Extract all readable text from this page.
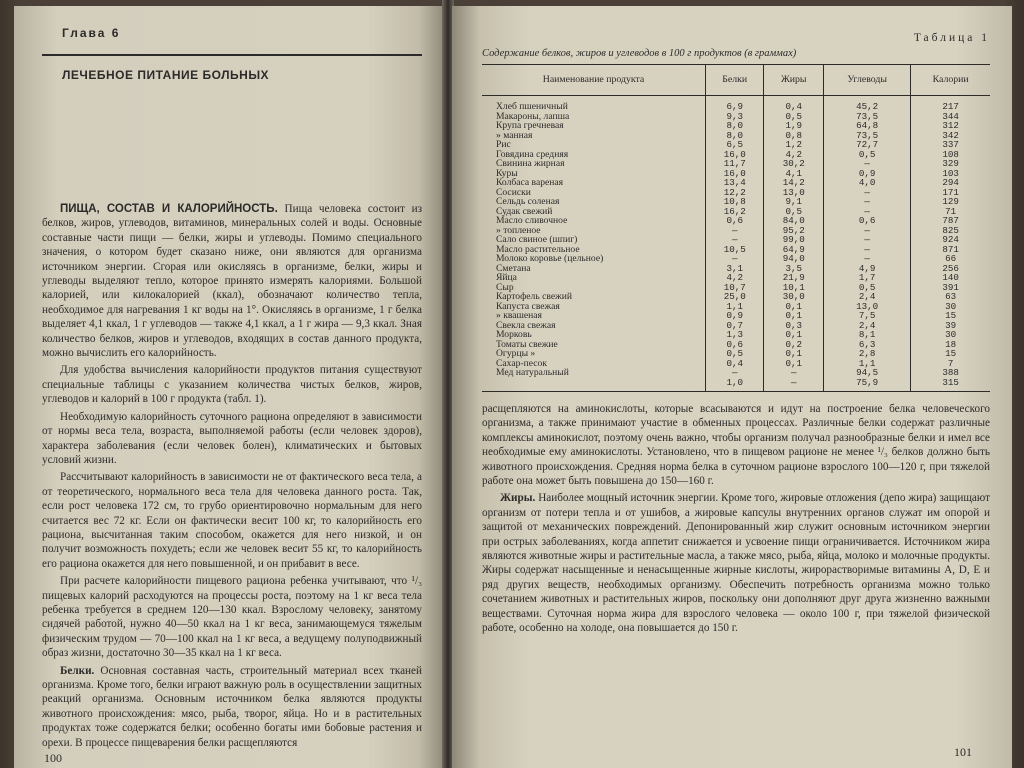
Глава 6
ЛЕЧЕБНОЕ ПИТАНИЕ БОЛЬНЫХ

ПИЩА, СОСТАВ И КАЛОРИЙНОСТЬ. Пища человека состоит из белков, жиров, углеводов, витаминов, минеральных солей и воды. Основные составные части пищи — белки, жиры и углеводы. Помимо специального значения, о котором будет сказано ниже, они являются для организма источником энергии. Сгорая или окисляясь в организме, белки, жиры и углеводы выделяют тепло, которое принято измерять калориями. Большой калорией, или килокалорией (ккал), обозначают количество тепла, необходимое для нагревания 1 кг воды на 1°. Окисляясь в организме, 1 г белка выделяет 4,1 ккал, 1 г углеводов — также 4,1 ккал, а 1 г жира — 9,3 ккал. Зная количество белков, жиров и углеводов, входящих в состав данного продукта, можно вычислить его калорийность.

Для удобства вычисления калорийности продуктов питания существуют специальные таблицы с указанием количества чистых белков, жиров, углеводов и калорий в 100 г продукта (табл. 1).

Необходимую калорийность суточного рациона определяют в зависимости от нормы веса тела, возраста, выполняемой работы (если человек здоров), характера заболевания (если человек болен), климатических и бытовых условий жизни.

Рассчитывают калорийность в зависимости не от фактического веса тела, а от теоретического, нормального веса тела для человека данного роста. Так, если рост человека 172 см, то грубо ориентировочно нормальным для него считается вес 72 кг. Если он фактически весит 100 кг, то калорийность его рациона, высчитанная таким способом, окажется для него низкой, и он получит возможность похудеть; если же человек весит 55 кг, то калорийность его рациона окажется для него повышенной, и он прибавит в весе.

При расчете калорийности пищевого рациона ребенка учитывают, что ¹/₃ пищевых калорий расходуются на процессы роста, поэтому на 1 кг веса тела ребенка требуется в среднем 120—130 ккал. Взрослому человеку, занятому сидячей работой, нужно 40—50 ккал на 1 кг веса, занимающемуся тяжелым физическим трудом — 70—100 ккал на 1 кг веса, а ведущему полуподвижный образ жизни, достаточно 30—35 ккал на 1 кг веса.

Белки. Основная составная часть, строительный материал всех тканей организма. Кроме того, белки играют важную роль в осуществлении защитных реакций организма. Основным источником белка являются продукты животного происхождения: мясо, рыба, творог, яйца. Но и в растительных продуктах тоже содержатся белки; особенно богаты ими бобовые растения и орехи. В процессе пищеварения белки расщепляются

100
Таблица 1
Содержание белков, жиров и углеводов в 100 г продуктов (в граммах)
Наименование продукта	Белки	Жиры	Углеводы	Калории
Хлеб пшеничный	6,9	0,4	45,2	217
Макароны, лапша	9,3	0,5	73,5	344
Крупа гречневая	8,0	1,9	64,8	312
» манная	8,0	0,8	73,5	342
Рис	6,5	1,2	72,7	337
Говядина средняя	16,0	4,2	0,5	108
Свинина жирная	11,7	30,2	—	329
Куры	16,0	4,1	0,9	103
Колбаса вареная	13,4	14,2	4,0	294
Сосиски	12,2	13,0	—	171
Сельдь соленая	10,8	9,1	—	129
Судак свежий	16,2	0,5	—	71
Масло сливочное	0,6	84,0	0,6	787
» топленое	—	95,2	—	825
Сало свиное (шпиг)	—	99,0	—	924
Масло растительное	10,5	64,9	—	871
Молоко коровье (цельное)	—	94,0	—	66
Сметана	3,1	3,5	4,9	256
Яйца	4,2	21,9	1,7	140
Сыр	10,7	10,1	0,5	391
Картофель свежий	25,0	30,0	2,4	63
Капуста свежая	1,1	0,1	13,0	30
» квашеная	0,9	0,1	7,5	15
Свекла свежая	0,7	0,3	2,4	39
Морковь	1,3	0,1	8,1	30
Томаты свежие	0,6	0,2	6,3	18
Огурцы »	0,5	0,1	2,8	15
Сахар-песок	0,4	0,1	1,1	7
Мед натуральный	—	—	94,5	388
	1,0	—	75,9	315

расщепляются на аминокислоты, которые всасываются и идут на построение белка человеческого организма, а также принимают участие в обменных процессах. Различные белки содержат различные комплексы аминокислот, поэтому очень важно, чтобы организм получал разнообразные белки и имел все необходимые ему аминокислоты. Установлено, что в пищевом рационе не менее ¹/₃ белков должно быть животного происхождения. Средняя норма белка в суточном рационе взрослого 100—120 г, при тяжелой работе она может быть повышена до 150—160 г.

Жиры. Наиболее мощный источник энергии. Кроме того, жировые отложения (депо жира) защищают организм от потери тепла и от ушибов, а жировые капсулы внутренних органов служат им опорой и защитой от механических повреждений. Депонированный жир служит основным источником энергии при острых заболеваниях, когда аппетит снижается и усвоение пищи ограничивается. Источником жира являются животные жиры и растительные масла, а также мясо, рыба, яйца, молоко и молочные продукты. Жиры содержат насыщенные и ненасыщенные жирные кислоты, жирорастворимые витамины A, D, E и ряд других веществ, необходимых организму. Обеспечить потребность организма можно только сочетанием животных и растительных жиров, поскольку они дополняют друг друга жизненно важными веществами. Суточная норма жира для взрослого человека — около 100 г, при тяжелой физической работе, особенно на холоде, она повышается до 150 г.

101
